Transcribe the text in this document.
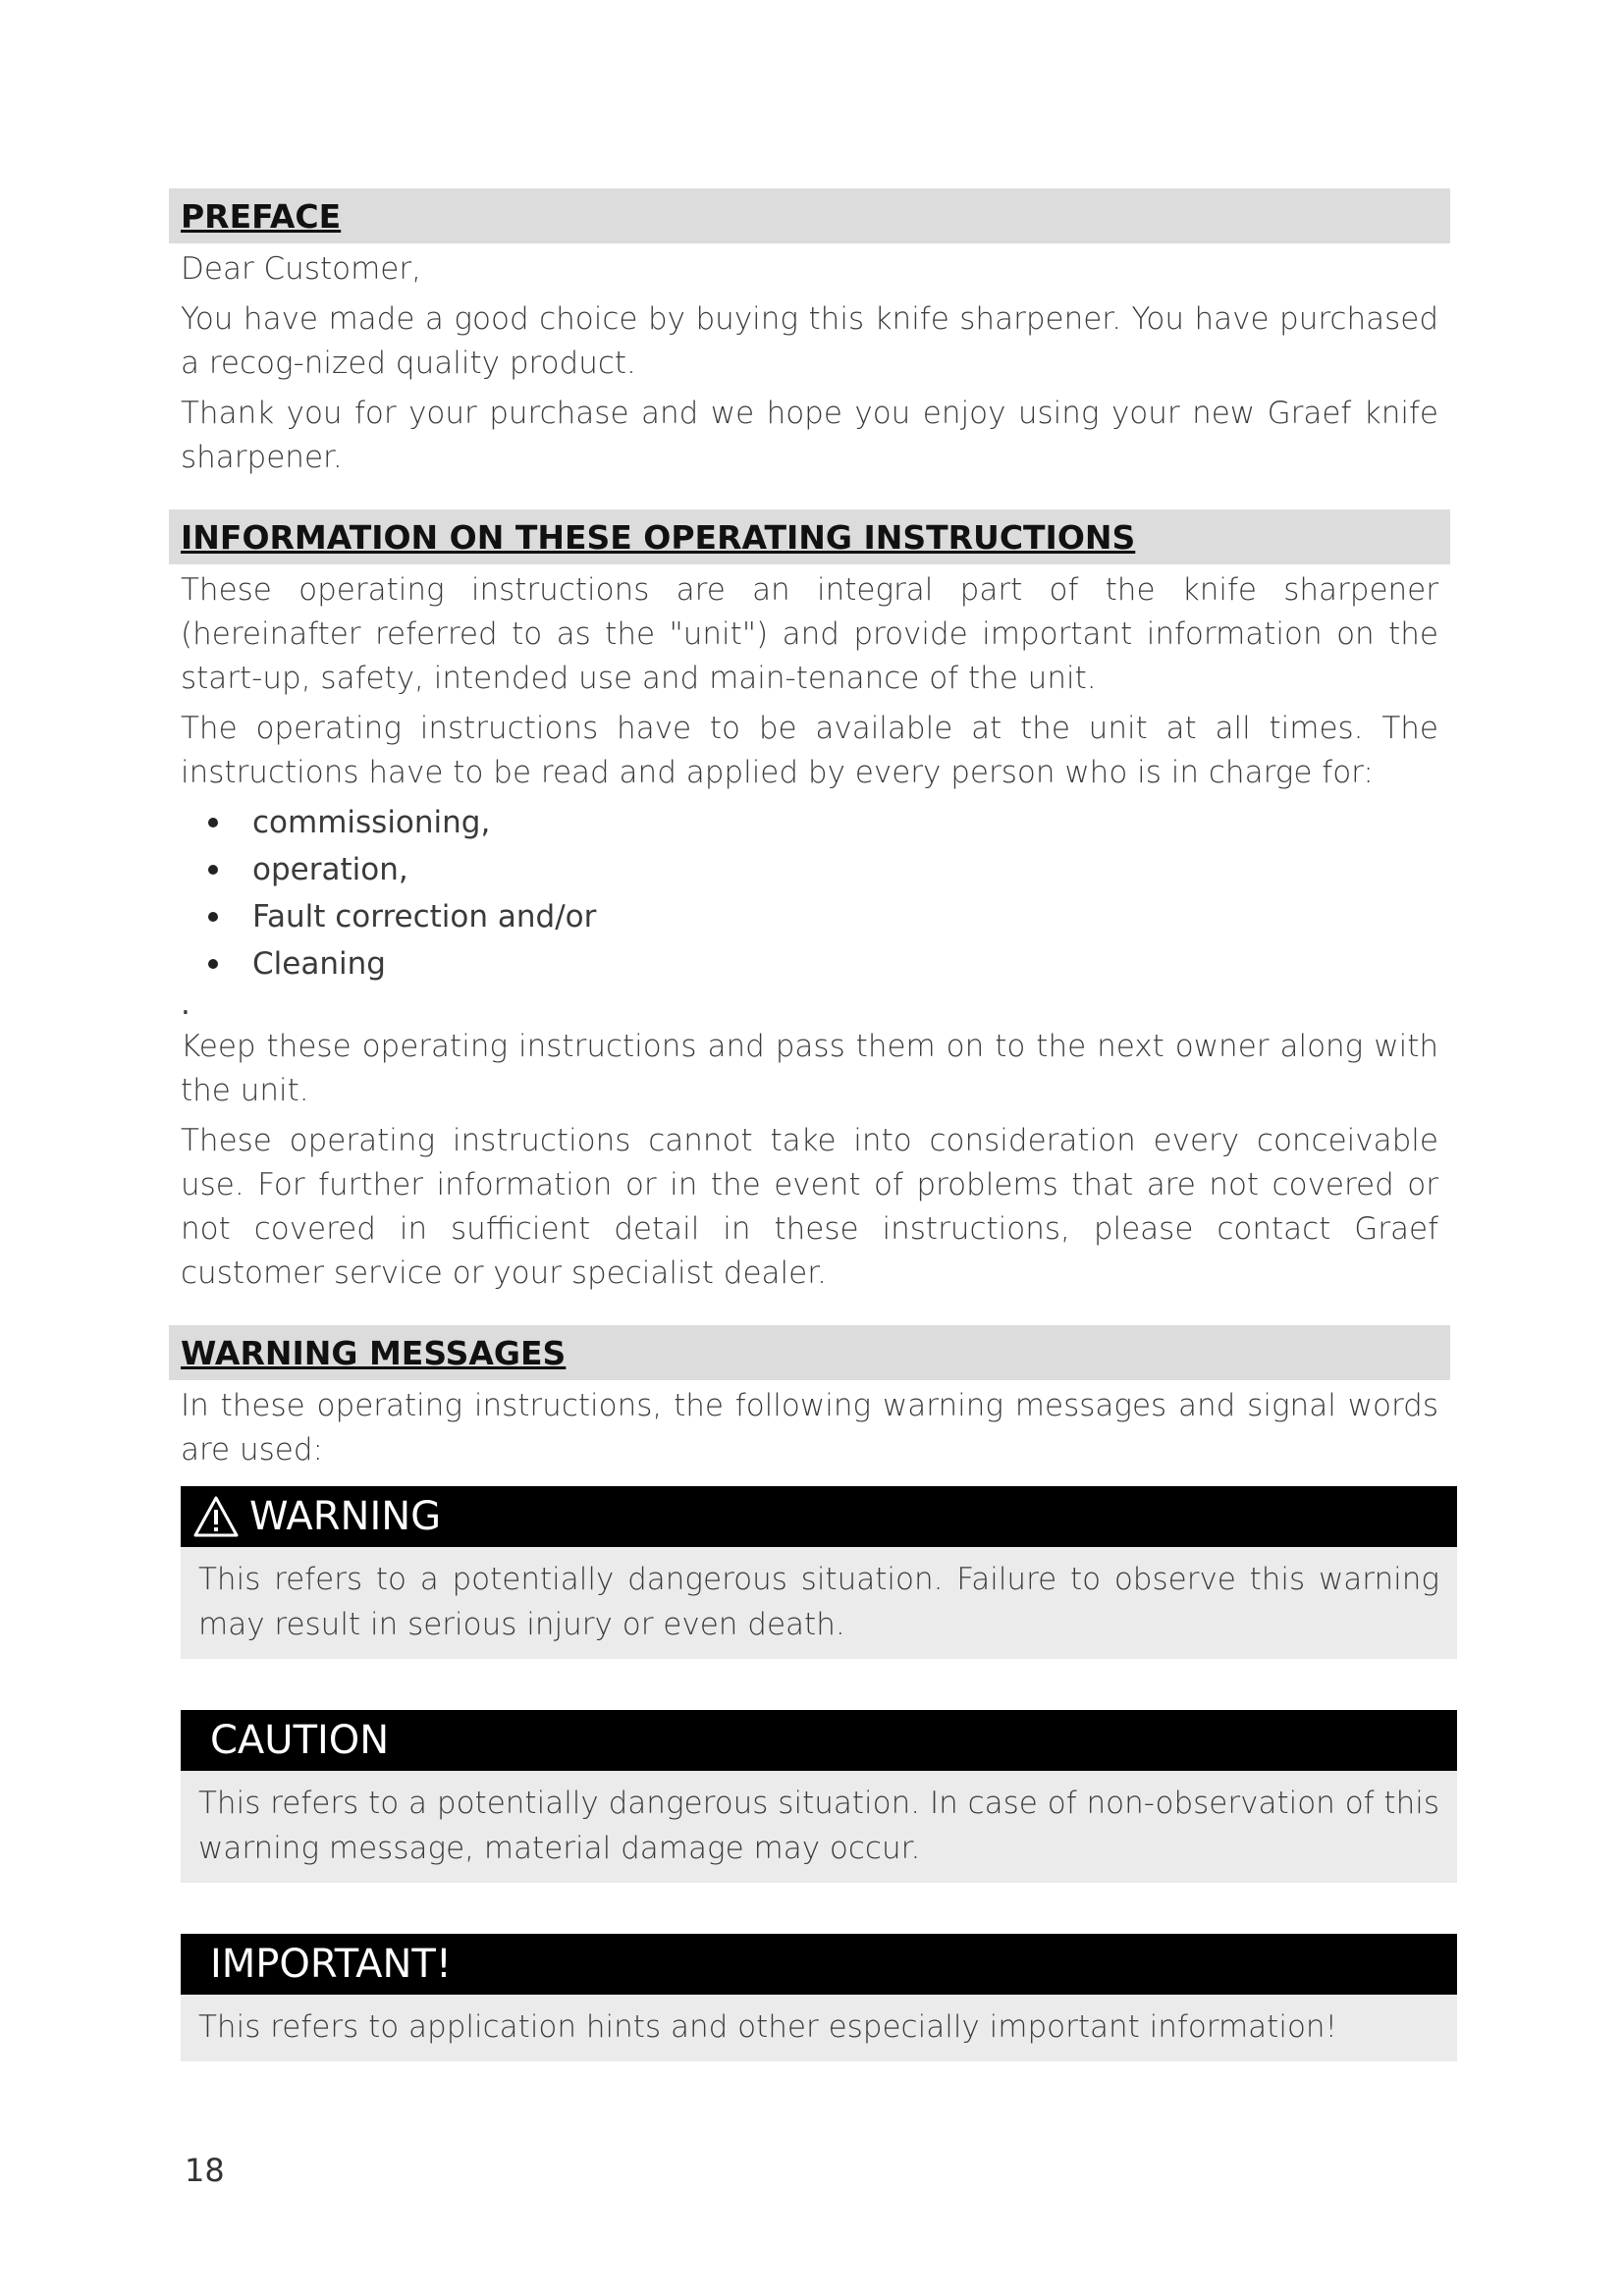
PREFACE

Dear Customer,

You have made a good choice by buying this knife sharpener. You have purchased a recog-nized quality product.

Thank you for your purchase and we hope you enjoy using your new Graef knife sharpener.

INFORMATION ON THESE OPERATING INSTRUCTIONS

These operating instructions are an integral part of the knife sharpener (hereinafter referred to as the "unit") and provide important information on the start-up, safety, intended use and main-tenance of the unit.

The operating instructions have to be available at the unit at all times. The instructions have to be read and applied by every person who is in charge for:

commissioning,
operation,
Fault correction and/or
Cleaning
.

Keep these operating instructions and pass them on to the next owner along with the unit.

These operating instructions cannot take into consideration every conceivable use. For further information or in the event of problems that are not covered or not covered in sufficient detail in these instructions, please contact Graef customer service or your specialist dealer.

WARNING MESSAGES

In these operating instructions, the following warning messages and signal words are used:

WARNING
This refers to a potentially dangerous situation. Failure to observe this warning may result in serious injury or even death.
CAUTION
This refers to a potentially dangerous situation. In case of non-observation of this warning message, material damage may occur.
IMPORTANT!
This refers to application hints and other especially important information!
18
